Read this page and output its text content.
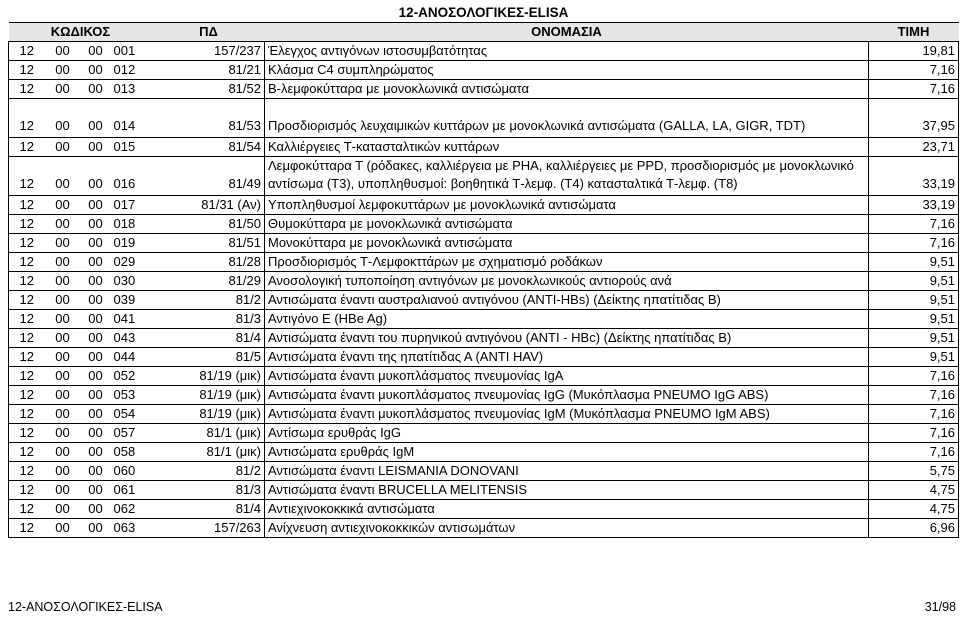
12-ΑΝΟΣΟΛΟΓΙΚΕΣ-ELISA						
ΚΩΔΙΚΟΣ				ΠΔ	ΟΝΟΜΑΣΙΑ	ΤΙΜΗ
12	00	00	001	157/237	Έλεγχος αντιγόνων ιστοσυμβατότητας	19,81
12	00	00	012	81/21	Κλάσμα C4 συμπληρώματος	7,16
12	00	00	013	81/52	Β-λεμφοκύτταρα με μονοκλωνικά αντισώματα	7,16
12	00	00	014	81/53	Προσδιορισμός λευχαιμικών κυττάρων με μονοκλωνικά αντισώματα (GALLA, LA, GIGR, TDT)	37,95
12	00	00	015	81/54	Καλλιέργειες Τ-κατασταλτικών κυττάρων	23,71
12	00	00	016	81/49	Λεμφοκύτταρα Τ (ρόδακες, καλλιέργεια με PHA, καλλιέργειες με PPD, προσδιορισμός με μονοκλωνικό αντίσωμα (Τ3), υποπληθυσμοί: βοηθητικά Τ-λεμφ. (Τ4) κατασταλτικά Τ-λεμφ. (Τ8)	33,19
12	00	00	017	81/31 (Αν)	Υποπληθυσμοί λεμφοκυττάρων με μονοκλωνικά αντισώματα	33,19
12	00	00	018	81/50	Θυμοκύτταρα με μονοκλωνικά αντισώματα	7,16
12	00	00	019	81/51	Μονοκύτταρα με μονοκλωνικά αντισώματα	7,16
12	00	00	029	81/28	Προσδιορισμός Τ-Λεμφοκττάρων με σχηματισμό ροδάκων	9,51
12	00	00	030	81/29	Ανοσολογική τυποποίηση αντιγόνων με μονοκλωνικούς αντιορούς ανά	9,51
12	00	00	039	81/2	Αντισώματα έναντι αυστραλιανού αντιγόνου (ANTI-HBs) (Δείκτης ηπατίτιδας Β)	9,51
12	00	00	041	81/3	Αντιγόνο Ε (HBe Ag)	9,51
12	00	00	043	81/4	Αντισώματα έναντι του πυρηνικού αντιγόνου (ANTI - HBc) (Δείκτης ηπατίτιδας Β)	9,51
12	00	00	044	81/5	Αντισώματα έναντι της ηπατίτιδας Α (ANTI HAV)	9,51
12	00	00	052	81/19 (μικ)	Αντισώματα έναντι μυκοπλάσματος πνευμονίας IgA	7,16
12	00	00	053	81/19 (μικ)	Αντισώματα έναντι μυκοπλάσματος πνευμονίας IgG (Μυκόπλασμα PNEUMO IgG ABS)	7,16
12	00	00	054	81/19 (μικ)	Αντισώματα έναντι μυκοπλάσματος πνευμονίας IgM (Μυκόπλασμα PNEUMO IgM ABS)	7,16
12	00	00	057	81/1 (μικ)	Αντίσωμα ερυθράς IgG	7,16
12	00	00	058	81/1 (μικ)	Αντισώματα ερυθράς IgM	7,16
12	00	00	060	81/2	Αντισώματα έναντι LEISMANIA DONOVANI	5,75
12	00	00	061	81/3	Αντισώματα έναντι BRUCELLA MELITENSIS	4,75
12	00	00	062	81/4	Αντιεχινοκοκκικά αντισώματα	4,75
12	00	00	063	157/263	Ανίχνευση αντιεχινοκοκκικών αντισωμάτων	6,96
12-ΑΝΟΣΟΛΟΓΙΚΕΣ-ELISA	31/98
